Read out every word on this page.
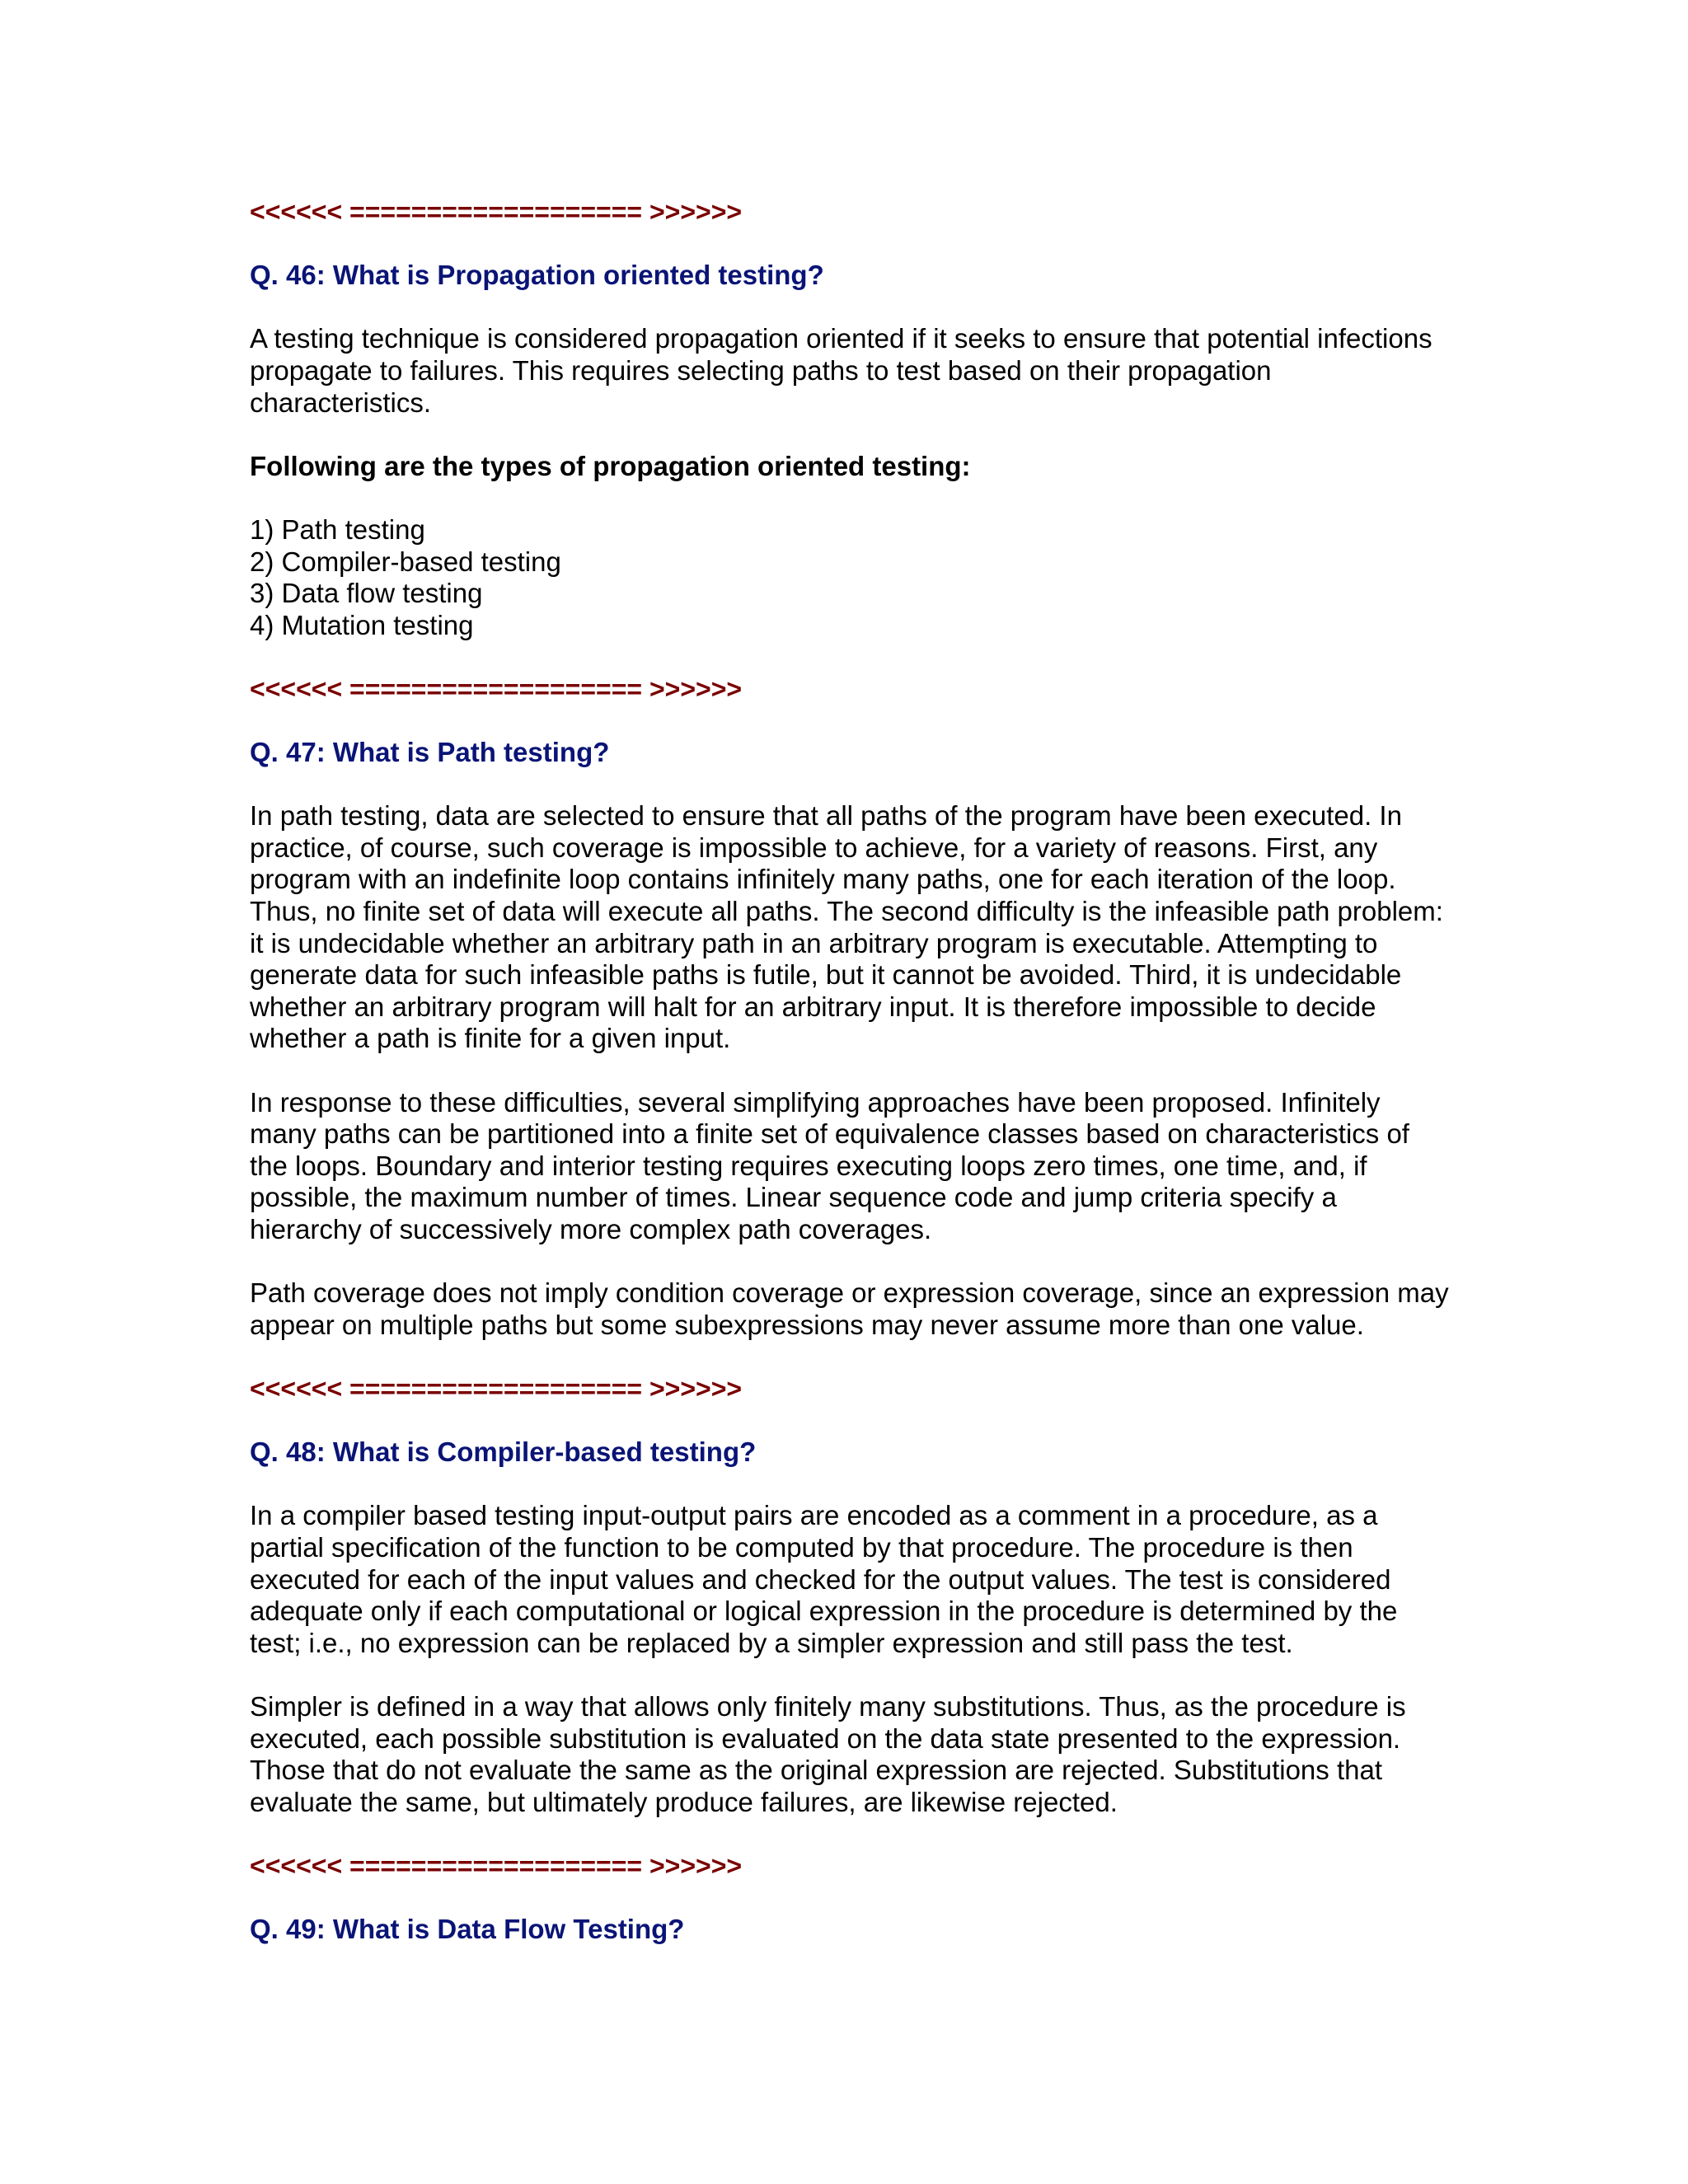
<<<<<< =================== >>>>>>
Q. 46: What is Propagation oriented testing?
A testing technique is considered propagation oriented if it seeks to ensure that potential infections propagate to failures. This requires selecting paths to test based on their propagation characteristics.
Following are the types of propagation oriented testing:
1) Path testing
2) Compiler-based testing
3) Data flow testing
4) Mutation testing
<<<<<< =================== >>>>>>
Q. 47: What is Path testing?
In path testing, data are selected to ensure that all paths of the program have been executed. In practice, of course, such coverage is impossible to achieve, for a variety of reasons. First, any program with an indefinite loop contains infinitely many paths, one for each iteration of the loop. Thus, no finite set of data will execute all paths. The second difficulty is the infeasible path problem: it is undecidable whether an arbitrary path in an arbitrary program is executable. Attempting to generate data for such infeasible paths is futile, but it cannot be avoided. Third, it is undecidable whether an arbitrary program will halt for an arbitrary input. It is therefore impossible to decide whether a path is finite for a given input.
In response to these difficulties, several simplifying approaches have been proposed. Infinitely many paths can be partitioned into a finite set of equivalence classes based on characteristics of the loops. Boundary and interior testing requires executing loops zero times, one time, and, if possible, the maximum number of times. Linear sequence code and jump criteria specify a hierarchy of successively more complex path coverages.
Path coverage does not imply condition coverage or expression coverage, since an expression may appear on multiple paths but some subexpressions may never assume more than one value.
<<<<<< =================== >>>>>>
Q. 48: What is Compiler-based testing?
In a compiler based testing input-output pairs are encoded as a comment in a procedure, as a partial specification of the function to be computed by that procedure. The procedure is then executed for each of the input values and checked for the output values. The test is considered adequate only if each computational or logical expression in the procedure is determined by the test; i.e., no expression can be replaced by a simpler expression and still pass the test.
Simpler is defined in a way that allows only finitely many substitutions. Thus, as the procedure is executed, each possible substitution is evaluated on the data state presented to the expression. Those that do not evaluate the same as the original expression are rejected. Substitutions that evaluate the same, but ultimately produce failures, are likewise rejected.
<<<<<< =================== >>>>>>
Q. 49: What is Data Flow Testing?
